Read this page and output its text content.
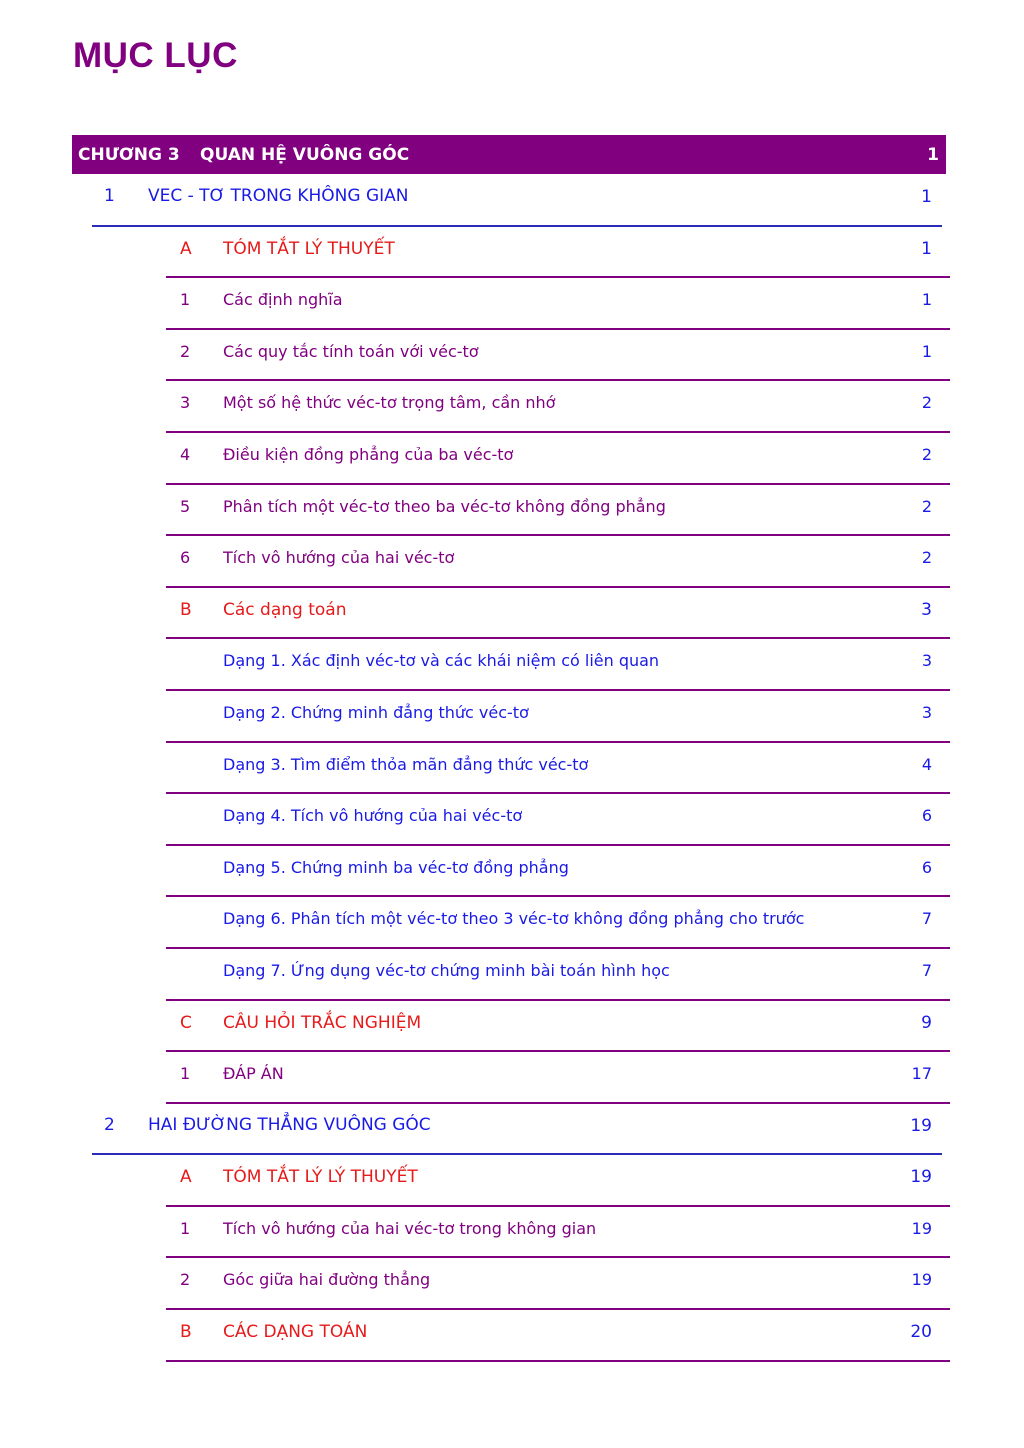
MỤC LỤC
CHƯƠNG 3 QUAN HỆ VUÔNG GÓC	1
1 VEC - TƠ TRONG KHÔNG GIAN	1
A TÓM TẮT LÝ THUYẾT	1
1 Các định nghĩa	1
2 Các quy tắc tính toán với véc-tơ	1
3 Một số hệ thức véc-tơ trọng tâm, cần nhớ	2
4 Điều kiện đồng phẳng của ba véc-tơ	2
5 Phân tích một véc-tơ theo ba véc-tơ không đồng phẳng	2
6 Tích vô hướng của hai véc-tơ	2
B Các dạng toán	3
Dạng 1. Xác định véc-tơ và các khái niệm có liên quan	3
Dạng 2. Chứng minh đẳng thức véc-tơ	3
Dạng 3. Tìm điểm thỏa mãn đẳng thức véc-tơ	4
Dạng 4. Tích vô hướng của hai véc-tơ	6
Dạng 5. Chứng minh ba véc-tơ đồng phẳng	6
Dạng 6. Phân tích một véc-tơ theo 3 véc-tơ không đồng phẳng cho trước	7
Dạng 7. Ứng dụng véc-tơ chứng minh bài toán hình học	7
C CÂU HỎI TRẮC NGHIỆM	9
1 ĐÁP ÁN	17
2 HAI ĐƯỜNG THẲNG VUÔNG GÓC	19
A TÓM TẮT LÝ LÝ THUYẾT	19
1 Tích vô hướng của hai véc-tơ trong không gian	19
2 Góc giữa hai đường thẳng	19
B CÁC DẠNG TOÁN	20
